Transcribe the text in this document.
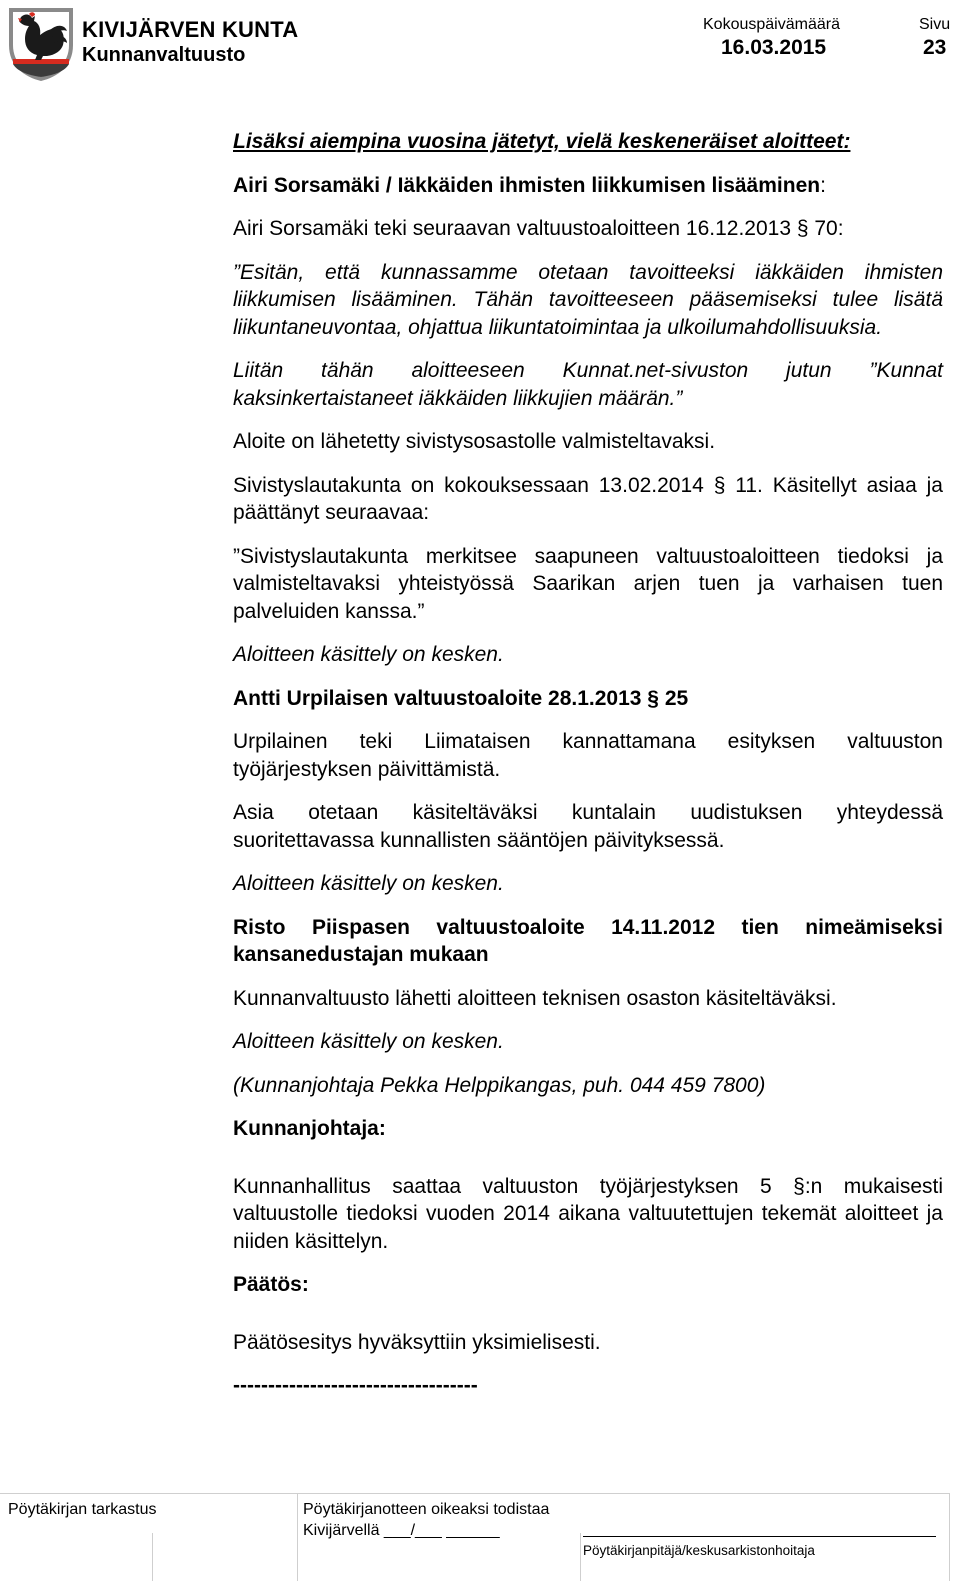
KIVIJÄRVEN KUNTA
Kunnanvaltuusto
Kokouspäivämäärä
16.03.2015
Sivu
23

Lisäksi aiempina vuosina jätetyt, vielä keskeneräiset aloitteet:

Airi Sorsamäki / Iäkkäiden ihmisten liikkumisen lisääminen:

Airi Sorsamäki teki seuraavan valtuustoaloitteen 16.12.2013 § 70:

”Esitän, että kunnassamme otetaan tavoitteeksi iäkkäiden ihmisten liikkumisen lisääminen. Tähän tavoitteeseen pääsemiseksi tulee lisätä liikuntaneuvontaa, ohjattua liikuntatoimintaa ja ulkoilumahdollisuuksia.

Liitän tähän aloitteeseen Kunnat.net-sivuston jutun ”Kunnat kaksinkertaistaneet iäkkäiden liikkujien määrän.”

Aloite on lähetetty sivistysosastolle valmisteltavaksi.

Sivistyslautakunta on kokouksessaan 13.02.2014 § 11. Käsitellyt asiaa ja päättänyt seuraavaa:

”Sivistyslautakunta merkitsee saapuneen valtuustoaloitteen tiedoksi ja valmisteltavaksi yhteistyössä Saarikan arjen tuen ja varhaisen tuen palveluiden kanssa.”

Aloitteen käsittely on kesken.

Antti Urpilaisen valtuustoaloite 28.1.2013 § 25

Urpilainen teki Liimataisen kannattamana esityksen valtuuston työjärjestyksen päivittämistä.

Asia otetaan käsiteltäväksi kuntalain uudistuksen yhteydessä suoritettavassa kunnallisten sääntöjen päivityksessä.

Aloitteen käsittely on kesken.

Risto Piispasen valtuustoaloite 14.11.2012 tien nimeämiseksi kansanedustajan mukaan

Kunnanvaltuusto lähetti aloitteen teknisen osaston käsiteltäväksi.

Aloitteen käsittely on kesken.

(Kunnanjohtaja Pekka Helppikangas, puh. 044 459 7800)

Kunnanjohtaja:

Kunnanhallitus saattaa valtuuston työjärjestyksen 5 §:n mukaisesti valtuustolle tiedoksi vuoden 2014 aikana valtuutettujen tekemät aloitteet ja niiden käsittelyn.

Päätös:

Päätösesitys hyväksyttiin yksimielisesti.

-----------------------------------

Pöytäkirjan tarkastus	Pöytäkirjanotteen oikeaksi todistaa
Kivijärvellä ___/___ ______
Pöytäkirjanpitäjä/keskusarkistonhoitaja
